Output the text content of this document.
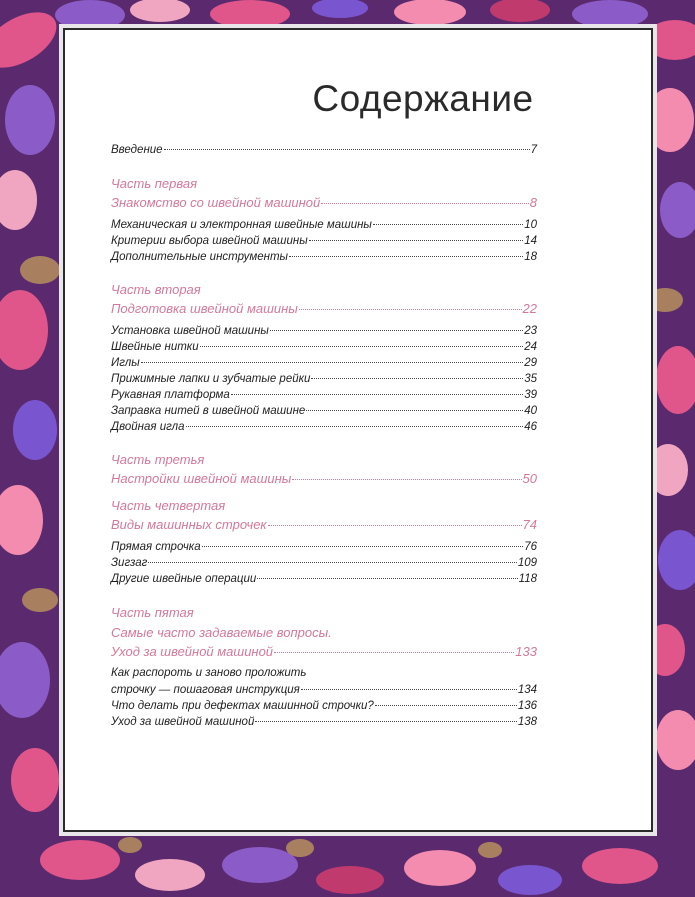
Содержание
Введение	7
Часть первая
Знакомство со швейной машиной	8
Механическая и электронная швейные машины	10
Критерии выбора швейной машины	14
Дополнительные инструменты	18
Часть вторая
Подготовка швейной машины	22
Установка швейной машины	23
Швейные нитки	24
Иглы	29
Прижимные лапки и зубчатые рейки	35
Рукавная платформа	39
Заправка нитей в швейной машине	40
Двойная игла	46
Часть третья
Настройки швейной машины	50
Часть четвертая
Виды машинных строчек	74
Прямая строчка	76
Зигзаг	109
Другие швейные операции	118
Часть пятая
Самые часто задаваемые вопросы.
Уход за швейной машиной	133
Как распороть и заново проложить
строчку — пошаговая инструкция	134
Что делать при дефектах машинной строчки?	136
Уход за швейной машиной	138
